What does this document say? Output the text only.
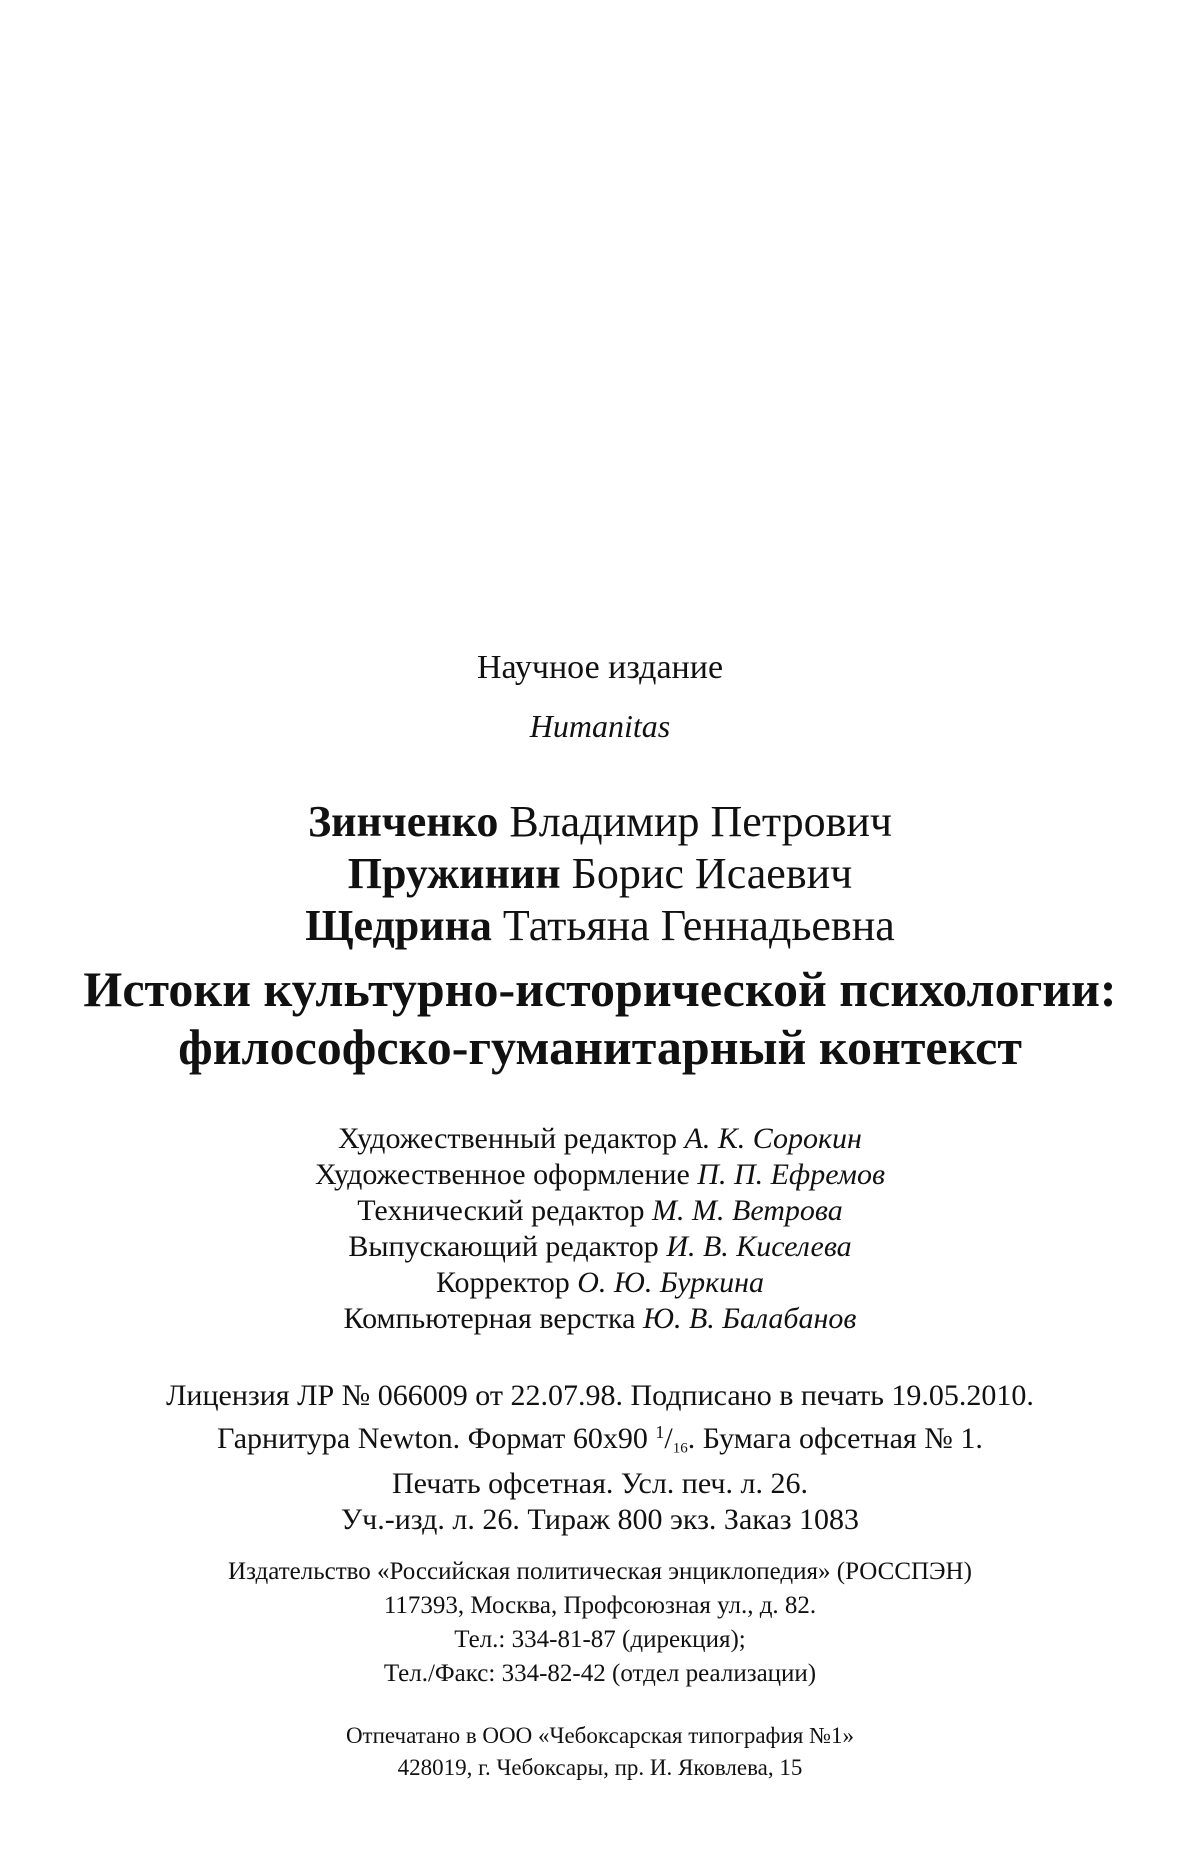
Научное издание
Humanitas
Зинченко Владимир Петрович
Пружинин Борис Исаевич
Щедрина Татьяна Геннадьевна
Истоки культурно-исторической психологии:
философско-гуманитарный контекст
Художественный редактор А. К. Сорокин
Художественное оформление П. П. Ефремов
Технический редактор М. М. Ветрова
Выпускающий редактор И. В. Киселева
Корректор О. Ю. Буркина
Компьютерная верстка Ю. В. Балабанов
Лицензия ЛР № 066009 от 22.07.98. Подписано в печать 19.05.2010.
Гарнитура Newton. Формат 60x90 $^1$/16. Бумага офсетная № 1.
Печать офсетная. Усл. печ. л. 26.
Уч.-изд. л. 26. Тираж 800 экз. Заказ 1083
Издательство «Российская политическая энциклопедия» (РОССПЭН)
117393, Москва, Профсоюзная ул., д. 82.
Тел.: 334-81-87 (дирекция);
Тел./Факс: 334-82-42 (отдел реализации)
Отпечатано в ООО «Чебоксарская типография №1»
428019, г. Чебоксары, пр. И. Яковлева, 15
